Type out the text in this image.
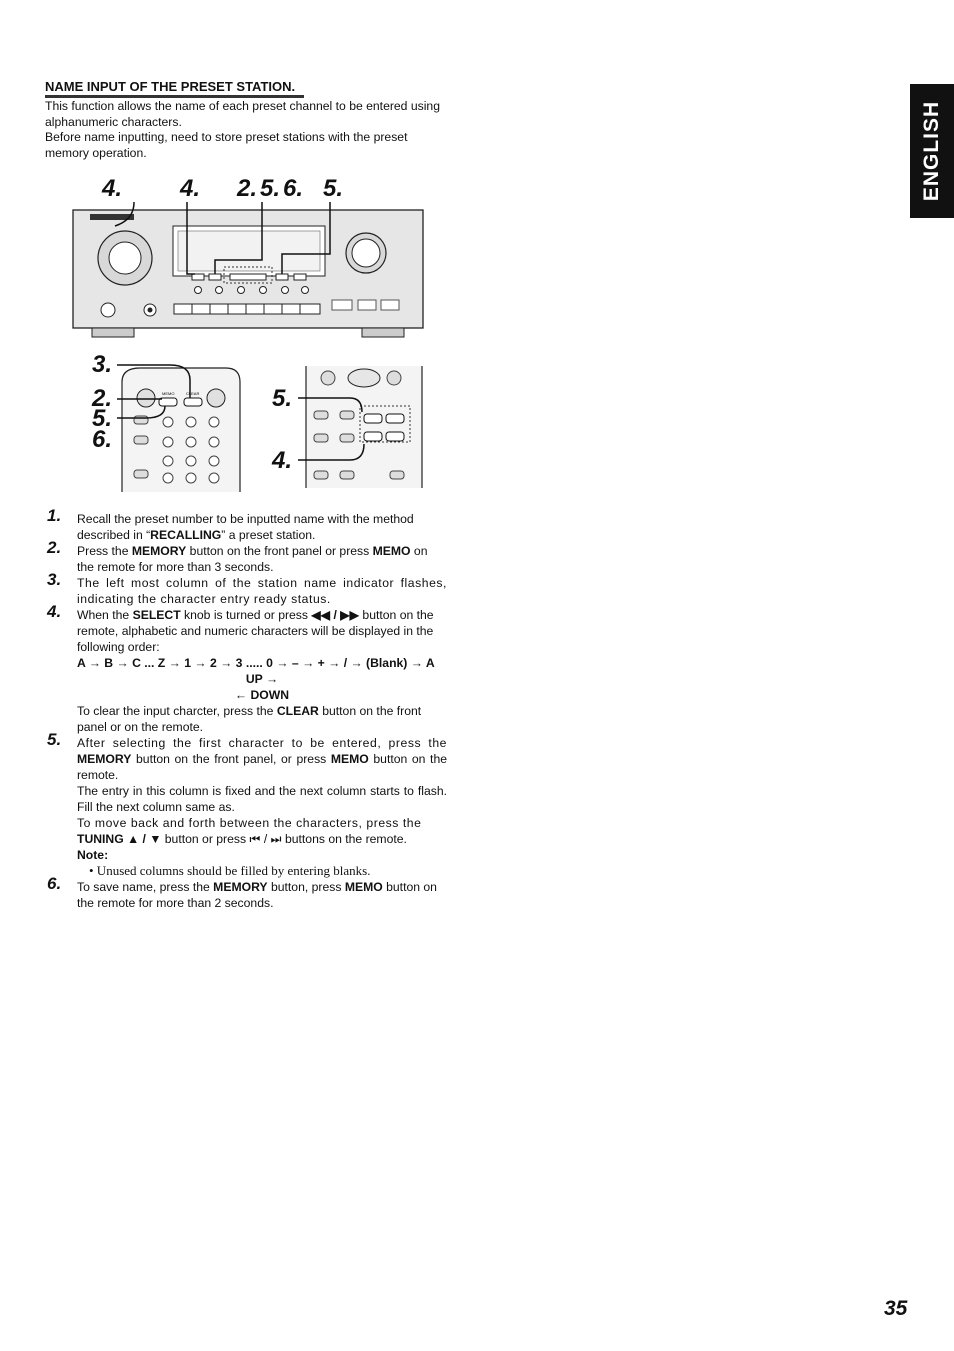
ENGLISH
NAME INPUT OF THE PRESET STATION.

This function allows the name of each preset channel to be entered using alphanumeric characters.

Before name inputting, need to store preset stations with the preset memory operation.

4. 4. 2. 5. 6. 5.
3.
2.
5.
6.
MEMO	CLEAR	5.
4.
1. Recall the preset number to be inputted name with the method described in “RECALLING” a preset station.

2. Press the MEMORY button on the front panel or press MEMO on the remote for more than 3 seconds.

3. The left most column of the station name indicator flashes, indicating the character entry ready status.

4. When the SELECT knob is turned or press ◀◀ / ▶▶ button on the remote, alphabetic and numeric characters will be displayed in the following order:

A → B → C ... Z → 1 → 2 → 3 ..... 0 → – → + → / → (Blank) → A

UP →

← DOWN

To clear the input charcter, press the CLEAR button on the front panel or on the remote.

5. After selecting the first character to be entered, press the MEMORY button on the front panel, or press MEMO button on the remote.

The entry in this column is fixed and the next column starts to flash. Fill the next column same as.

To move back and forth between the characters, press the

TUNING ▲ / ▼ button or press ⏮ / ⏭ buttons on the remote.

Note:

• Unused columns should be filled by entering blanks.

6. To save name, press the MEMORY button, press MEMO button on the remote for more than 2 seconds.

35
